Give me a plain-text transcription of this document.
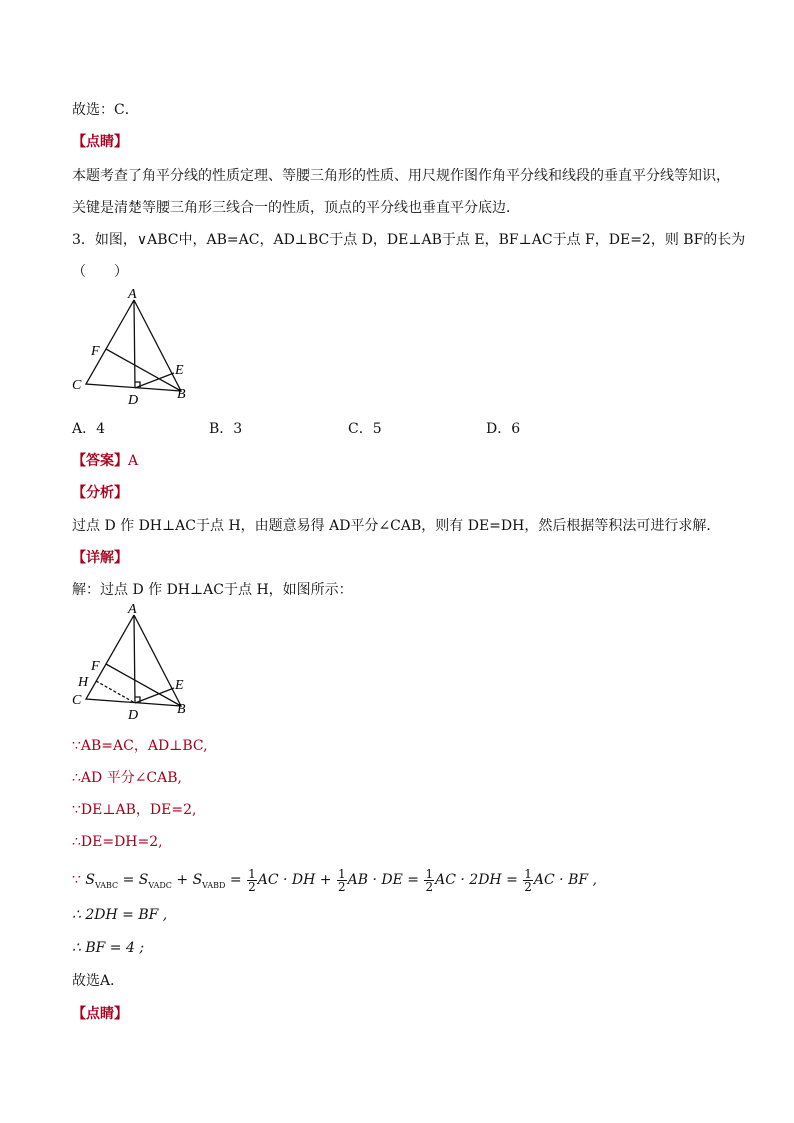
故选：C．
【点睛】
本题考查了角平分线的性质定理、等腰三角形的性质、用尺规作图作角平分线和线段的垂直平分线等知识，
关键是清楚等腰三角形三线合一的性质，顶点的平分线也垂直平分底边．
3．如图，∨ABC中，AB=AC，AD⊥BC于点 D，DE⊥AB于点 E，BF⊥AC于点 F，DE=2，则 BF的长为
（　　）
A
F
E
C
D	B
A．4	B．3	C．5	D．6
【答案】A
【分析】
过点 D 作 DH⊥AC于点 H，由题意易得 AD平分∠CAB，则有 DE=DH，然后根据等积法可进行求解．
【详解】
解：过点 D 作 DH⊥AC于点 H，如图所示：
A
F
H	E
C
D	B
∵AB=AC，AD⊥BC,
∴AD 平分∠CAB,
∵DE⊥AB，DE=2,
∴DE=DH=2,
∵ $S_{VABC} = S_{VADC} + S_{VABD} = \frac{1}{2}$ AC · DH + $\frac{1}{2}$ AB · DE = $\frac{1}{2}$ AC · $2DH = \frac{1}{2}$ AC · BF ,
∴ 2DH = BF ,
∴ BF = 4 ;
故选A．
【点睛】
